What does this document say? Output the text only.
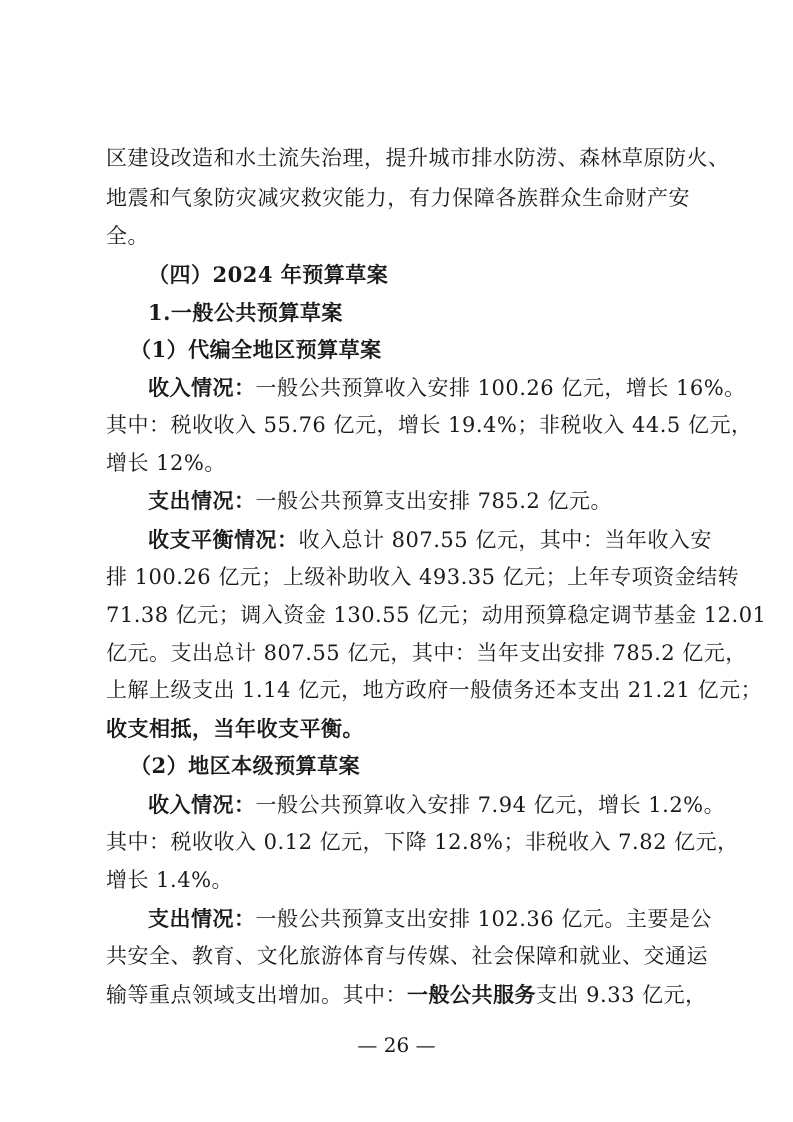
区建设改造和水土流失治理，提升城市排水防涝、森林草原防火、
地震和气象防灾减灾救灾能力，有力保障各族群众生命财产安
全。
（四）2024 年预算草案
1.一般公共预算草案
（1）代编全地区预算草案
收入情况：一般公共预算收入安排 100.26 亿元，增长 16%。
其中：税收收入 55.76 亿元，增长 19.4%；非税收入 44.5 亿元，
增长 12%。
支出情况：一般公共预算支出安排 785.2 亿元。
收支平衡情况：收入总计 807.55 亿元，其中：当年收入安
排 100.26 亿元；上级补助收入 493.35 亿元；上年专项资金结转
71.38 亿元；调入资金 130.55 亿元；动用预算稳定调节基金 12.01
亿元。支出总计 807.55 亿元，其中：当年支出安排 785.2 亿元，
上解上级支出 1.14 亿元，地方政府一般债务还本支出 21.21 亿元；
收支相抵，当年收支平衡。
（2）地区本级预算草案
收入情况：一般公共预算收入安排 7.94 亿元，增长 1.2%。
其中：税收收入 0.12 亿元，下降 12.8%；非税收入 7.82 亿元，
增长 1.4%。
支出情况：一般公共预算支出安排 102.36 亿元。主要是公
共安全、教育、文化旅游体育与传媒、社会保障和就业、交通运
输等重点领域支出增加。其中：一般公共服务支出 9.33 亿元，
— 26 —
